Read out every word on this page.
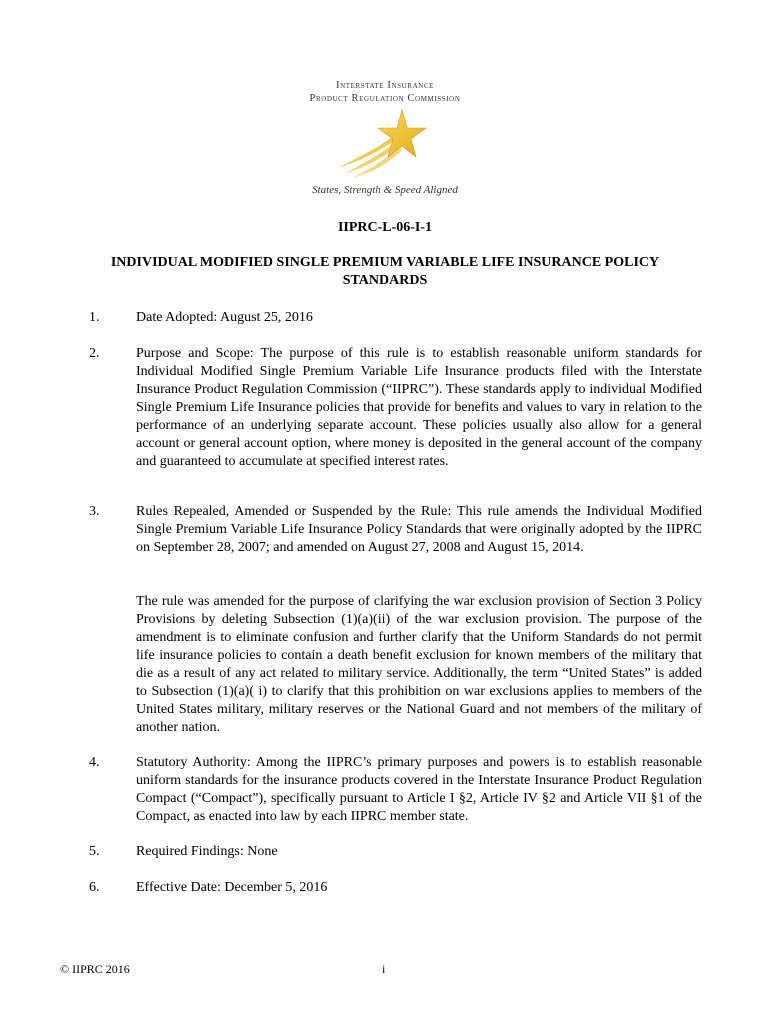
Interstate Insurance
Product Regulation Commission
States, Strength & Speed Aligned
IIPRC-L-06-I-1
INDIVIDUAL MODIFIED SINGLE PREMIUM VARIABLE LIFE INSURANCE POLICY STANDARDS
1.	Date Adopted: August 25, 2016
2.	Purpose and Scope: The purpose of this rule is to establish reasonable uniform standards for Individual Modified Single Premium Variable Life Insurance products filed with the Interstate Insurance Product Regulation Commission (“IIPRC”). These standards apply to individual Modified Single Premium Life Insurance policies that provide for benefits and values to vary in relation to the performance of an underlying separate account. These policies usually also allow for a general account or general account option, where money is deposited in the general account of the company and guaranteed to accumulate at specified interest rates.
3.	Rules Repealed, Amended or Suspended by the Rule: This rule amends the Individual Modified Single Premium Variable Life Insurance Policy Standards that were originally adopted by the IIPRC on September 28, 2007; and amended on August 27, 2008 and August 15, 2014.
The rule was amended for the purpose of clarifying the war exclusion provision of Section 3 Policy Provisions by deleting Subsection (1)(a)(ii) of the war exclusion provision. The purpose of the amendment is to eliminate confusion and further clarify that the Uniform Standards do not permit life insurance policies to contain a death benefit exclusion for known members of the military that die as a result of any act related to military service. Additionally, the term “United States” is added to Subsection (1)(a)( i) to clarify that this prohibition on war exclusions applies to members of the United States military, military reserves or the National Guard and not members of the military of another nation.
4.	Statutory Authority: Among the IIPRC’s primary purposes and powers is to establish reasonable uniform standards for the insurance products covered in the Interstate Insurance Product Regulation Compact (“Compact”), specifically pursuant to Article I §2, Article IV §2 and Article VII §1 of the Compact, as enacted into law by each IIPRC member state.
5.	Required Findings: None
6.	Effective Date: December 5, 2016
© IIPRC 2016	i
